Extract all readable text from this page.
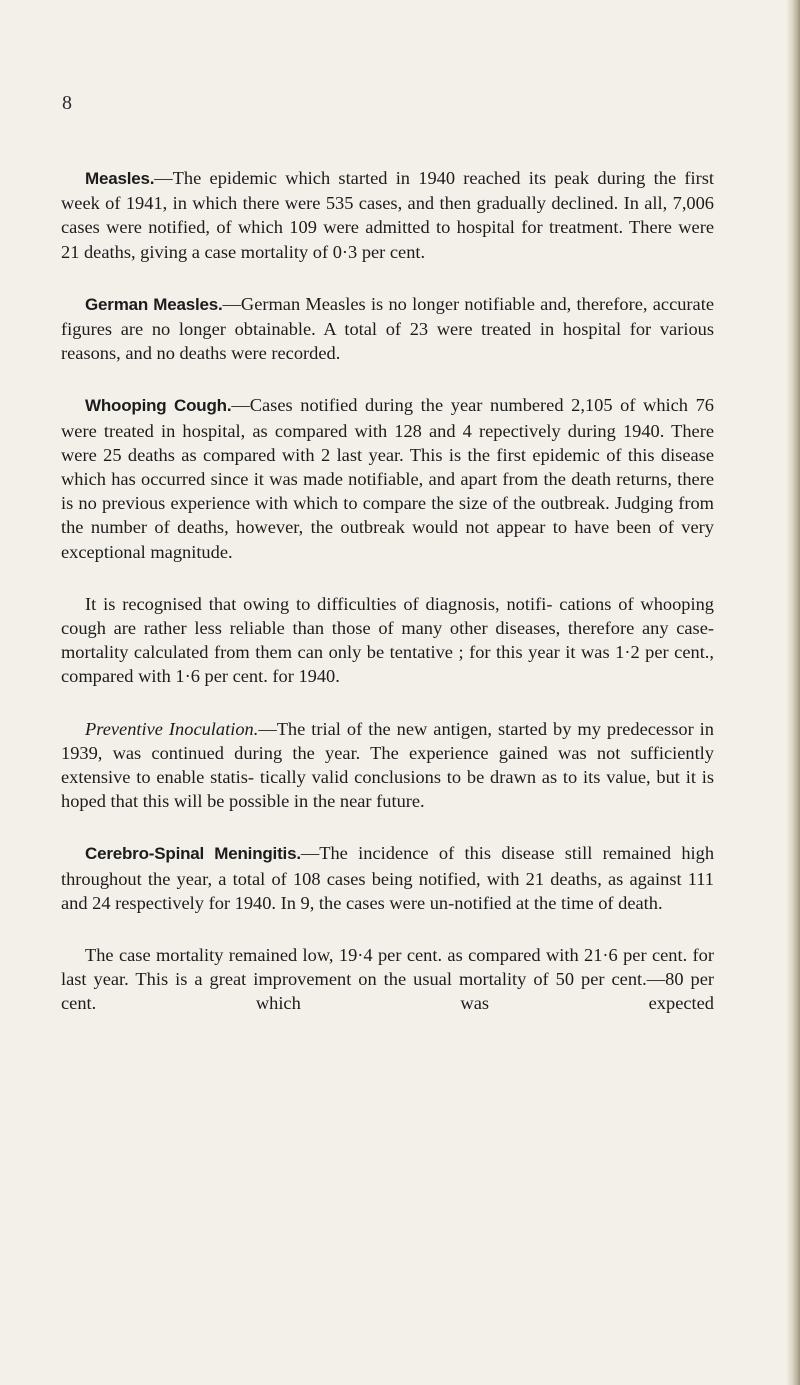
8

Measles.—The epidemic which started in 1940 reached its peak during the first week of 1941, in which there were 535 cases, and then gradually declined. In all, 7,006 cases were notified, of which 109 were admitted to hospital for treatment. There were 21 deaths, giving a case mortality of 0·3 per cent.

German Measles.—German Measles is no longer notifiable and, therefore, accurate figures are no longer obtainable. A total of 23 were treated in hospital for various reasons, and no deaths were recorded.

Whooping Cough.—Cases notified during the year numbered 2,105 of which 76 were treated in hospital, as compared with 128 and 4 repectively during 1940. There were 25 deaths as compared with 2 last year. This is the first epidemic of this disease which has occurred since it was made notifiable, and apart from the death returns, there is no previous experience with which to compare the size of the outbreak. Judging from the number of deaths, however, the outbreak would not appear to have been of very exceptional magnitude.

It is recognised that owing to difficulties of diagnosis, notifi- cations of whooping cough are rather less reliable than those of many other diseases, therefore any case-mortality calculated from them can only be tentative ; for this year it was 1·2 per cent., compared with 1·6 per cent. for 1940.

Preventive Inoculation.—The trial of the new antigen, started by my predecessor in 1939, was continued during the year. The experience gained was not sufficiently extensive to enable statis- tically valid conclusions to be drawn as to its value, but it is hoped that this will be possible in the near future.

Cerebro-Spinal Meningitis.—The incidence of this disease still remained high throughout the year, a total of 108 cases being notified, with 21 deaths, as against 111 and 24 respectively for 1940. In 9, the cases were un-notified at the time of death.

The case mortality remained low, 19·4 per cent. as compared with 21·6 per cent. for last year. This is a great improvement on the usual mortality of 50 per cent.—80 per cent. which was expected
